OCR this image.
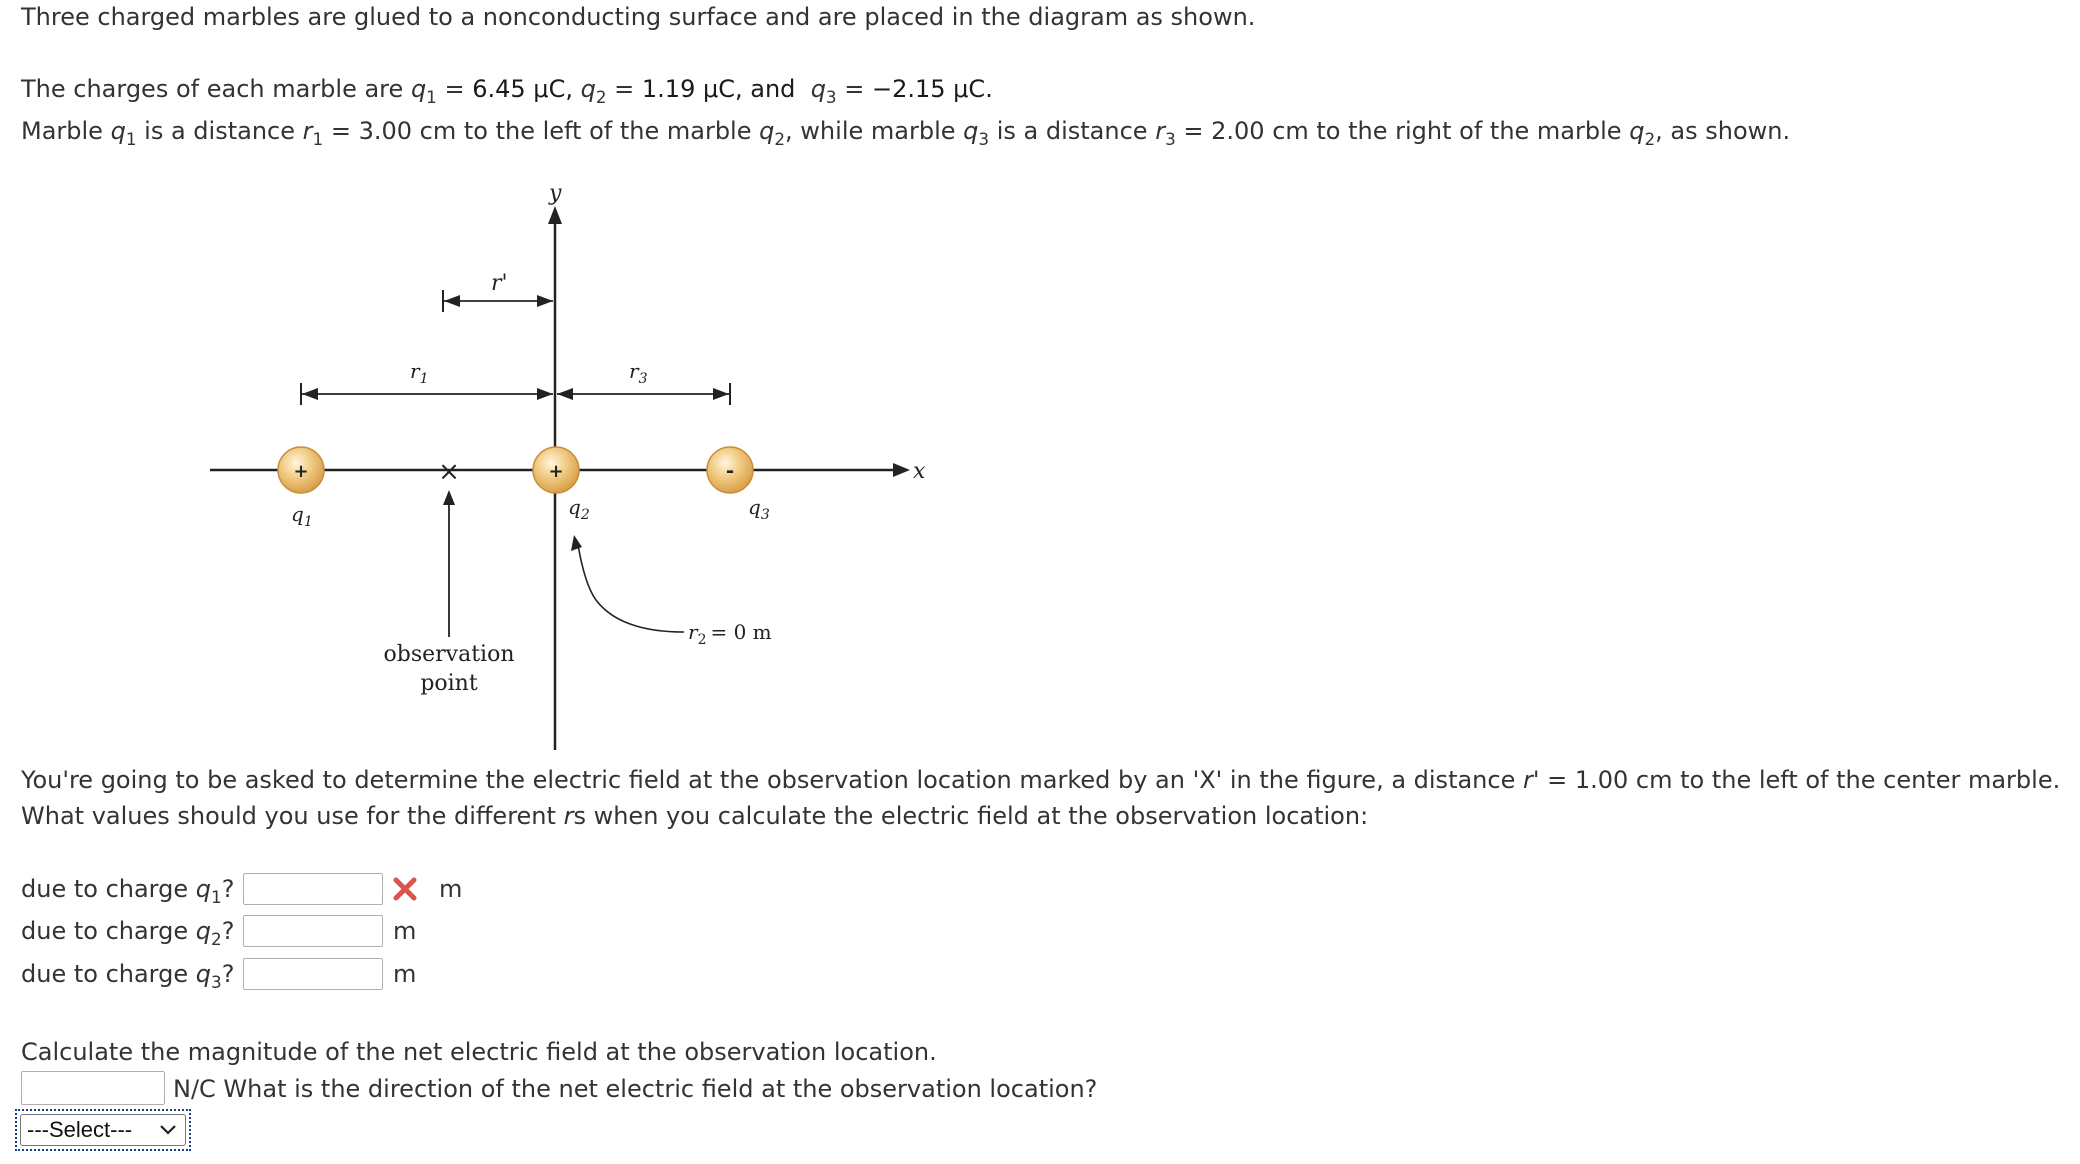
Three charged marbles are glued to a nonconducting surface and are placed in the diagram as shown.
The charges of each marble are $q_1 = 6.45$ μC, $q_2 = 1.19$ μC, and $q_3 = -2.15$ μC.
Marble $q_1$ is a distance $r_1 = 3.00$ cm to the left of the marble $q_2$, while marble $q_3$ is a distance $r_3 = 2.00$ cm to the right of the marble $q_2$, as shown.
x
y
r'
$r_1$	$r_3$
+	+	-
$q_1$
$q_2$	$q_3$
×
observation
point
$r_2 = 0$ m
You're going to be asked to determine the electric field at the observation location marked by an 'X' in the figure, a distance r' = 1.00 cm to the left of the center marble.
What values should you use for the different rs when you calculate the electric field at the observation location:
due to charge $q_1$?	m
due to charge $q_2$?	m
due to charge $q_3$?	m
Calculate the magnitude of the net electric field at the observation location.
N/C What is the direction of the net electric field at the observation location?
---Select---
